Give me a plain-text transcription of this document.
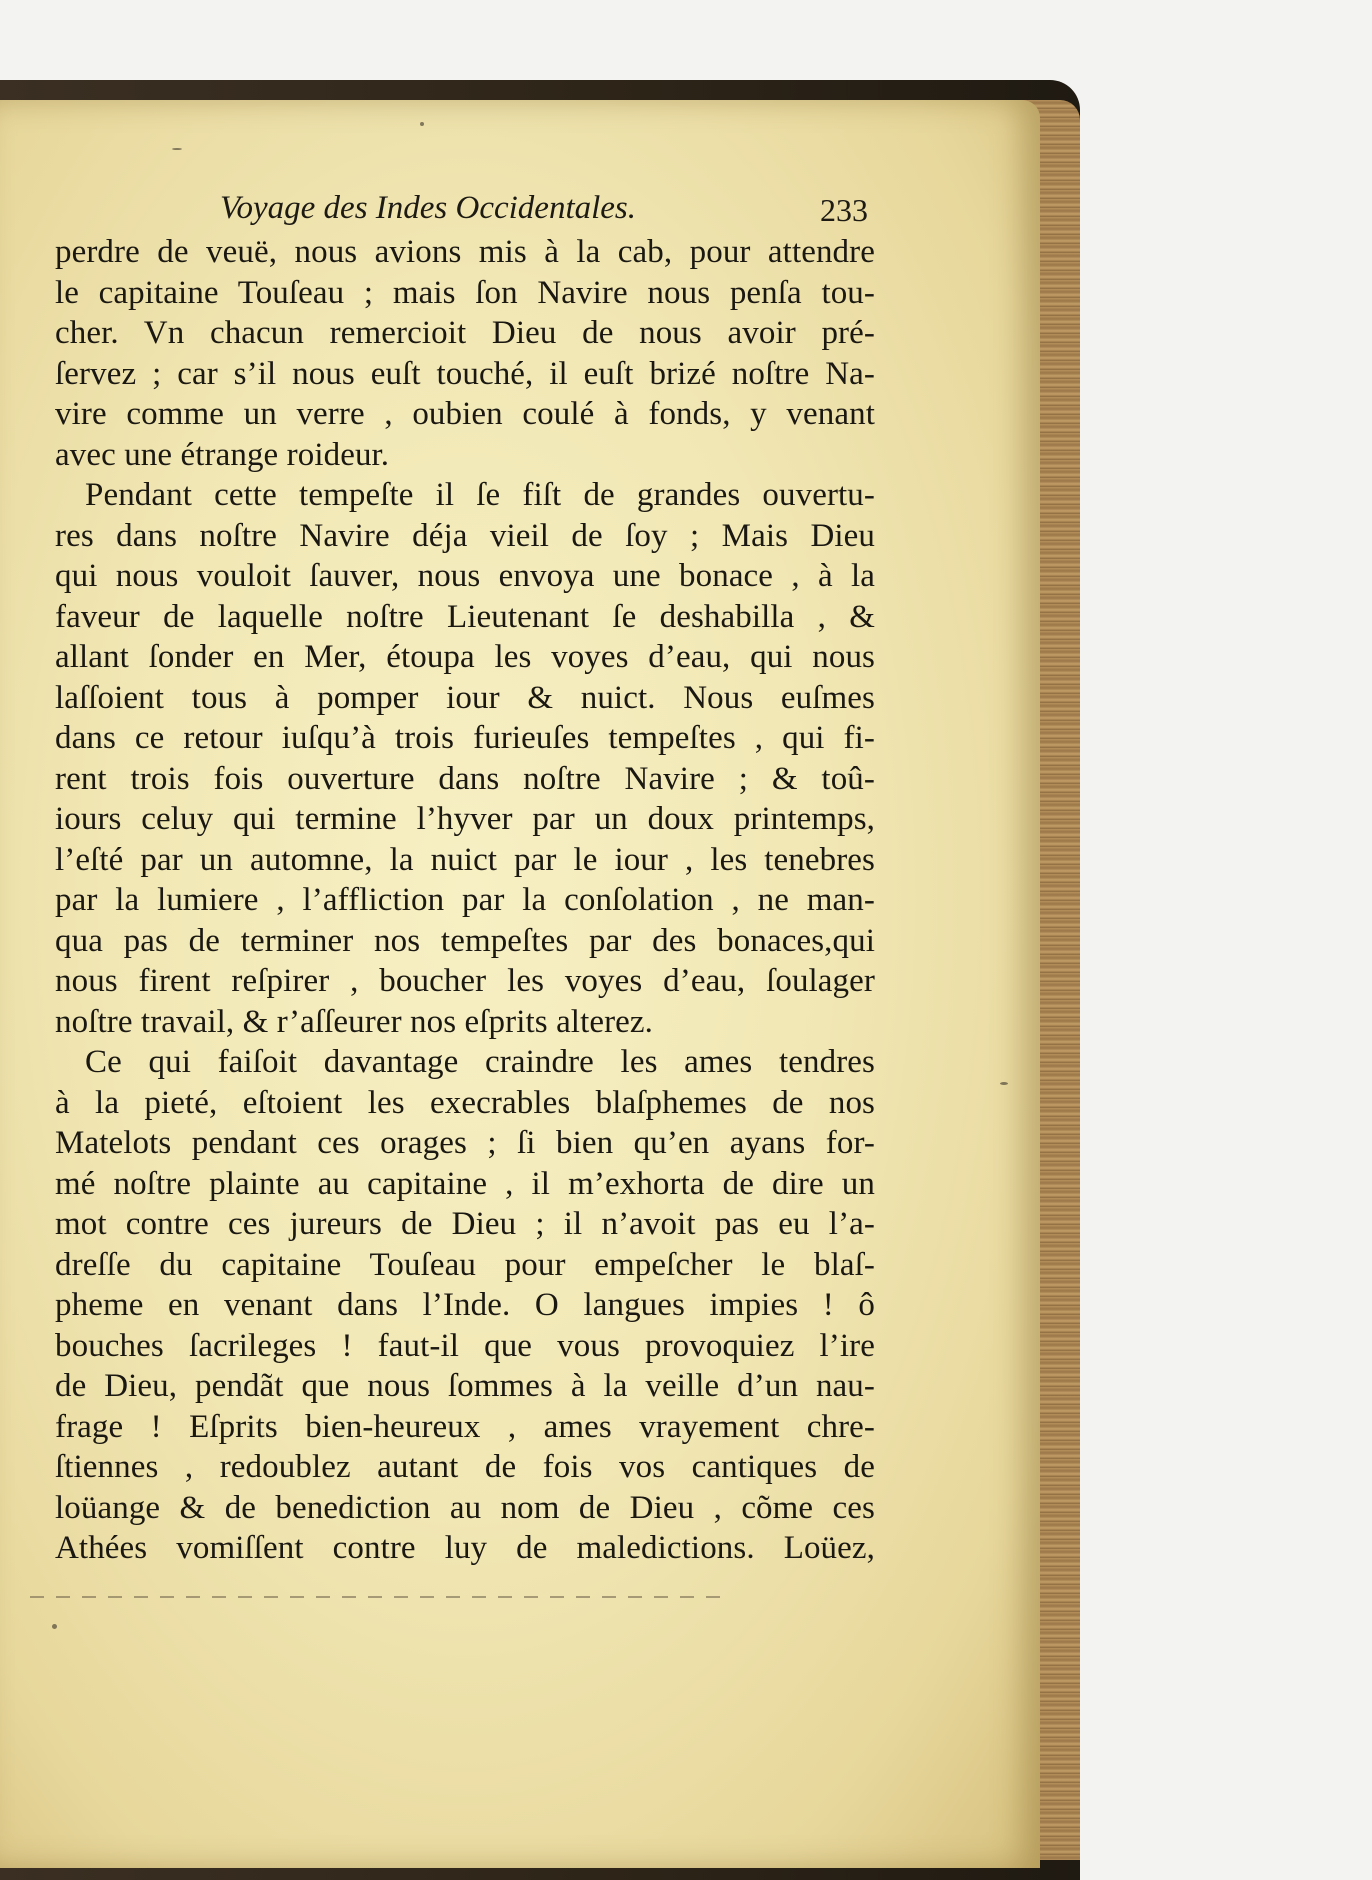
Voyage des Indes Occidentales.	233
perdre de veuë, nous avions mis à la cab, pour attendre
le capitaine Touſeau ; mais ſon Navire nous penſa tou-
cher. Vn chacun remercioit Dieu de nous avoir pré-
ſervez ; car s’il nous euſt touché, il euſt brizé noſtre Na-
vire comme un verre , oubien coulé à fonds, y venant
avec une étrange roideur.
Pendant cette tempeſte il ſe fiſt de grandes ouvertu-
res dans noſtre Navire déja vieil de ſoy ; Mais Dieu
qui nous vouloit ſauver, nous envoya une bonace , à la
faveur de laquelle noſtre Lieutenant ſe deshabilla , &
allant ſonder en Mer, étoupa les voyes d’eau, qui nous
laſſoient tous à pomper iour & nuict. Nous euſmes
dans ce retour iuſqu’à trois furieuſes tempeſtes , qui fi-
rent trois fois ouverture dans noſtre Navire ; & toû-
iours celuy qui termine l’hyver par un doux printemps,
l’eſté par un automne, la nuict par le iour , les tenebres
par la lumiere , l’affliction par la conſolation , ne man-
qua pas de terminer nos tempeſtes par des bonaces,qui
nous firent reſpirer , boucher les voyes d’eau, ſoulager
noſtre travail, & r’aſſeurer nos eſprits alterez.
Ce qui faiſoit davantage craindre les ames tendres
à la pieté, eſtoient les execrables blaſphemes de nos
Matelots pendant ces orages ; ſi bien qu’en ayans for-
mé noſtre plainte au capitaine , il m’exhorta de dire un
mot contre ces jureurs de Dieu ; il n’avoit pas eu l’a-
dreſſe du capitaine Touſeau pour empeſcher le blaſ-
pheme en venant dans l’Inde. O langues impies ! ô
bouches ſacrileges ! faut-il que vous provoquiez l’ire
de Dieu, pendãt que nous ſommes à la veille d’un nau-
frage ! Eſprits bien-heureux , ames vrayement chre-
ſtiennes , redoublez autant de fois vos cantiques de
loüange & de benediction au nom de Dieu , cõme ces
Athées vomiſſent contre luy de maledictions. Loüez,
